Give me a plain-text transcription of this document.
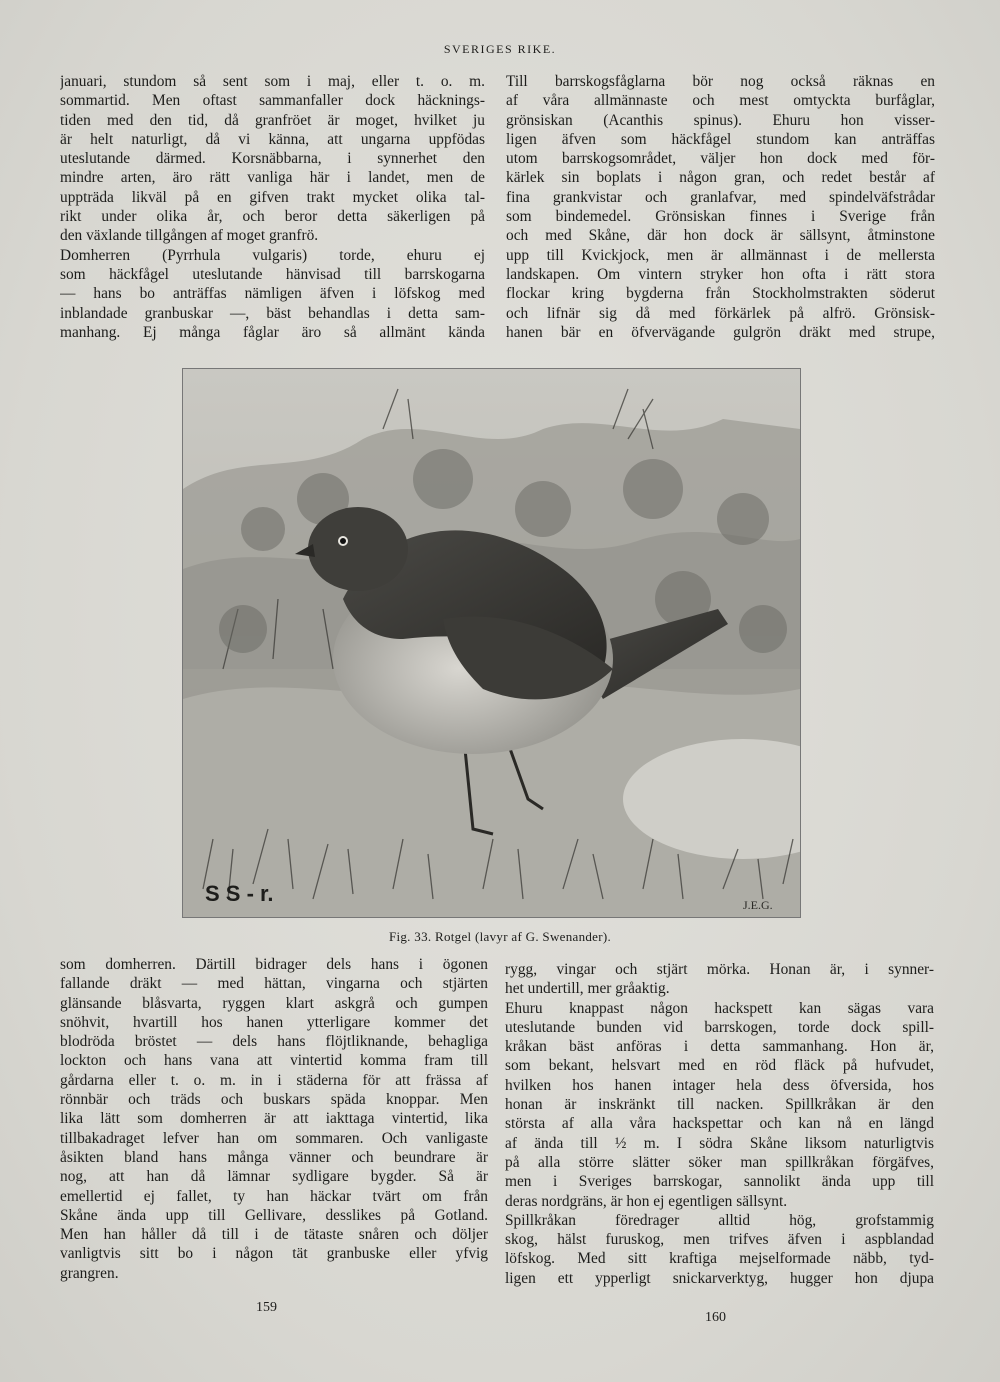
SVERIGES RIKE.
januari, stundom så sent som i maj, eller t. o. m.
sommartid. Men oftast sammanfaller dock häcknings-
tiden med den tid, då granfröet är moget, hvilket ju
är helt naturligt, då vi känna, att ungarna uppfödas
uteslutande därmed. Korsnäbbarna, i synnerhet den
mindre arten, äro rätt vanliga här i landet, men de
uppträda likväl på en gifven trakt mycket olika tal-
rikt under olika år, och beror detta säkerligen på
den växlande tillgången af moget granfrö.
Domherren (Pyrrhula vulgaris) torde, ehuru ej
som häckfågel uteslutande hänvisad till barrskogarna
— hans bo anträffas nämligen äfven i löfskog med
inblandade granbuskar —, bäst behandlas i detta sam-
manhang. Ej många fåglar äro så allmänt kända
Till barrskogsfåglarna bör nog också räknas en
af våra allmännaste och mest omtyckta burfåglar,
grönsiskan (Acanthis spinus). Ehuru hon visser-
ligen äfven som häckfågel stundom kan anträffas
utom barrskogsområdet, väljer hon dock med för-
kärlek sin boplats i någon gran, och redet består af
fina grankvistar och granlafvar, med spindelväfstrådar
som bindemedel. Grönsiskan finnes i Sverige från
och med Skåne, där hon dock är sällsynt, åtminstone
upp till Kvickjock, men är allmännast i de mellersta
landskapen. Om vintern stryker hon ofta i rätt stora
flockar kring bygderna från Stockholmstrakten söderut
och lifnär sig då med förkärlek på alfrö. Grönsisk-
hanen bär en öfvervägande gulgrön dräkt med strupe,
S S - r.	J.E.G.
Fig. 33. Rotgel (lavyr af G. Swenander).
som domherren. Därtill bidrager dels hans i ögonen
fallande dräkt — med hättan, vingarna och stjärten
glänsande blåsvarta, ryggen klart askgrå och gumpen
snöhvit, hvartill hos hanen ytterligare kommer det
blodröda bröstet — dels hans flöjtliknande, behagliga
lockton och hans vana att vintertid komma fram till
gårdarna eller t. o. m. in i städerna för att frässa af
rönnbär och träds och buskars späda knoppar. Men
lika lätt som domherren är att iakttaga vintertid, lika
tillbakadraget lefver han om sommaren. Och vanligaste
åsikten bland hans många vänner och beundrare är
nog, att han då lämnar sydligare bygder. Så är
emellertid ej fallet, ty han häckar tvärt om från
Skåne ända upp till Gellivare, desslikes på Gotland.
Men han håller då till i de tätaste snåren och döljer
vanligtvis sitt bo i någon tät granbuske eller yfvig
grangren.
rygg, vingar och stjärt mörka. Honan är, i synner-
het undertill, mer gråaktig.
Ehuru knappast någon hackspett kan sägas vara
uteslutande bunden vid barrskogen, torde dock spill-
kråkan bäst anföras i detta sammanhang. Hon är,
som bekant, helsvart med en röd fläck på hufvudet,
hvilken hos hanen intager hela dess öfversida, hos
honan är inskränkt till nacken. Spillkråkan är den
största af alla våra hackspettar och kan nå en längd
af ända till ½ m. I södra Skåne liksom naturligtvis
på alla större slätter söker man spillkråkan förgäfves,
men i Sveriges barrskogar, sannolikt ända upp till
deras nordgräns, är hon ej egentligen sällsynt.
Spillkråkan föredrager alltid hög, grofstammig
skog, hälst furuskog, men trifves äfven i aspblandad
löfskog. Med sitt kraftiga mejselformade näbb, tyd-
ligen ett ypperligt snickarverktyg, hugger hon djupa
159
160
